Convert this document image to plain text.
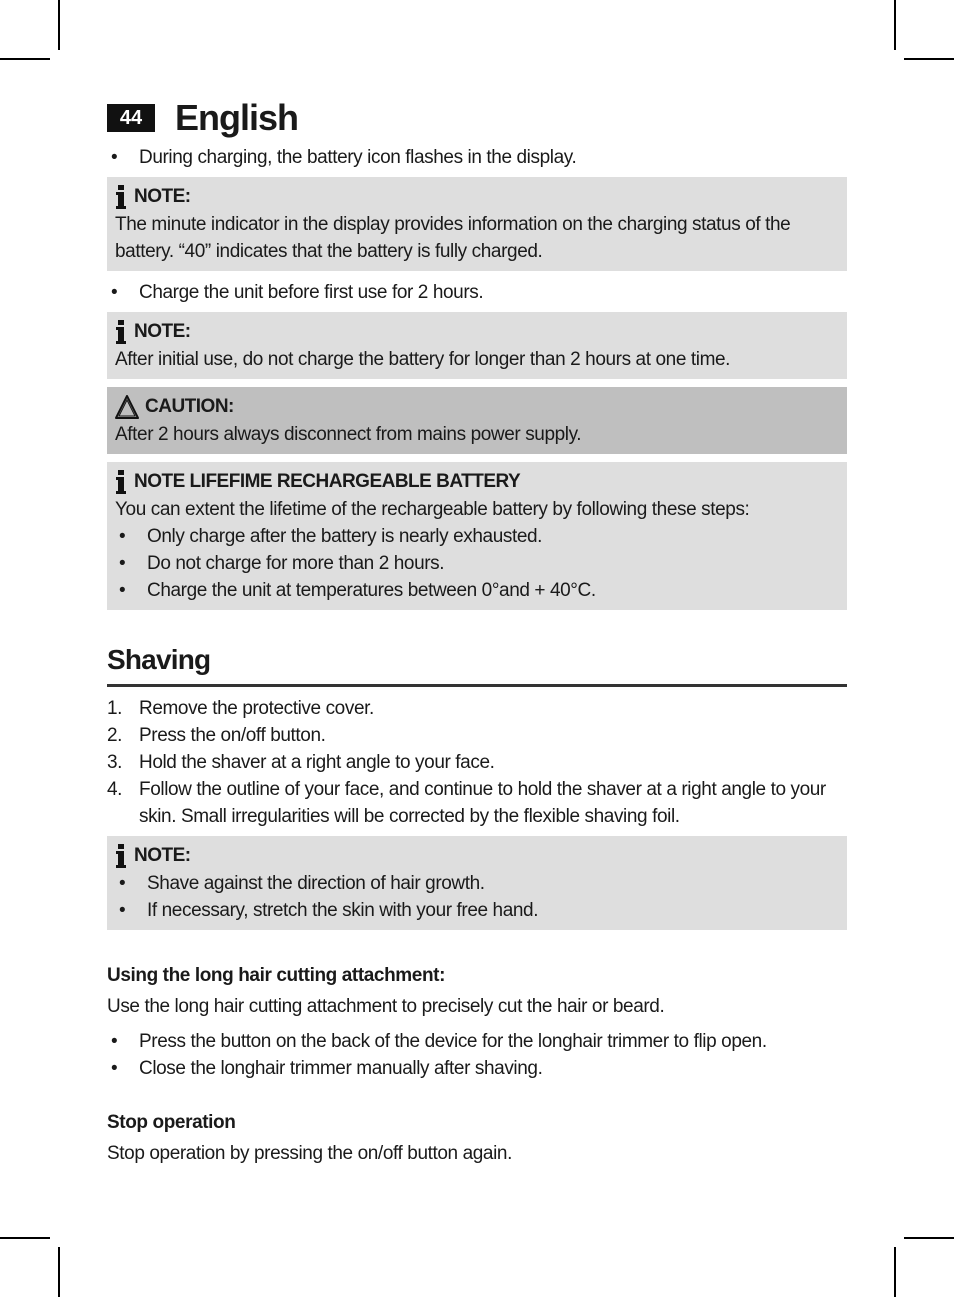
44 English
• During charging, the battery icon flashes in the display.
NOTE:
The minute indicator in the display provides information on the charging status of the battery. “40” indicates that the battery is fully charged.
• Charge the unit before first use for 2 hours.
NOTE:
After initial use, do not charge the battery for longer than 2 hours at one time.
CAUTION:
After 2 hours always disconnect from mains power supply.
NOTE LIFEFIME RECHARGEABLE BATTERY
You can extent the lifetime of the rechargeable battery by following these steps:
• Only charge after the battery is nearly exhausted.
• Do not charge for more than 2 hours.
• Charge the unit at temperatures between 0°and + 40°C.
Shaving
1. Remove the protective cover.
2. Press the on/off button.
3. Hold the shaver at a right angle to your face.
4. Follow the outline of your face, and continue to hold the shaver at a right angle to your skin. Small irregularities will be corrected by the flexible shaving foil.
NOTE:
• Shave against the direction of hair growth.
• If necessary, stretch the skin with your free hand.
Using the long hair cutting attachment:
Use the long hair cutting attachment to precisely cut the hair or beard.
• Press the button on the back of the device for the longhair trimmer to flip open.
• Close the longhair trimmer manually after shaving.
Stop operation
Stop operation by pressing the on/off button again.
